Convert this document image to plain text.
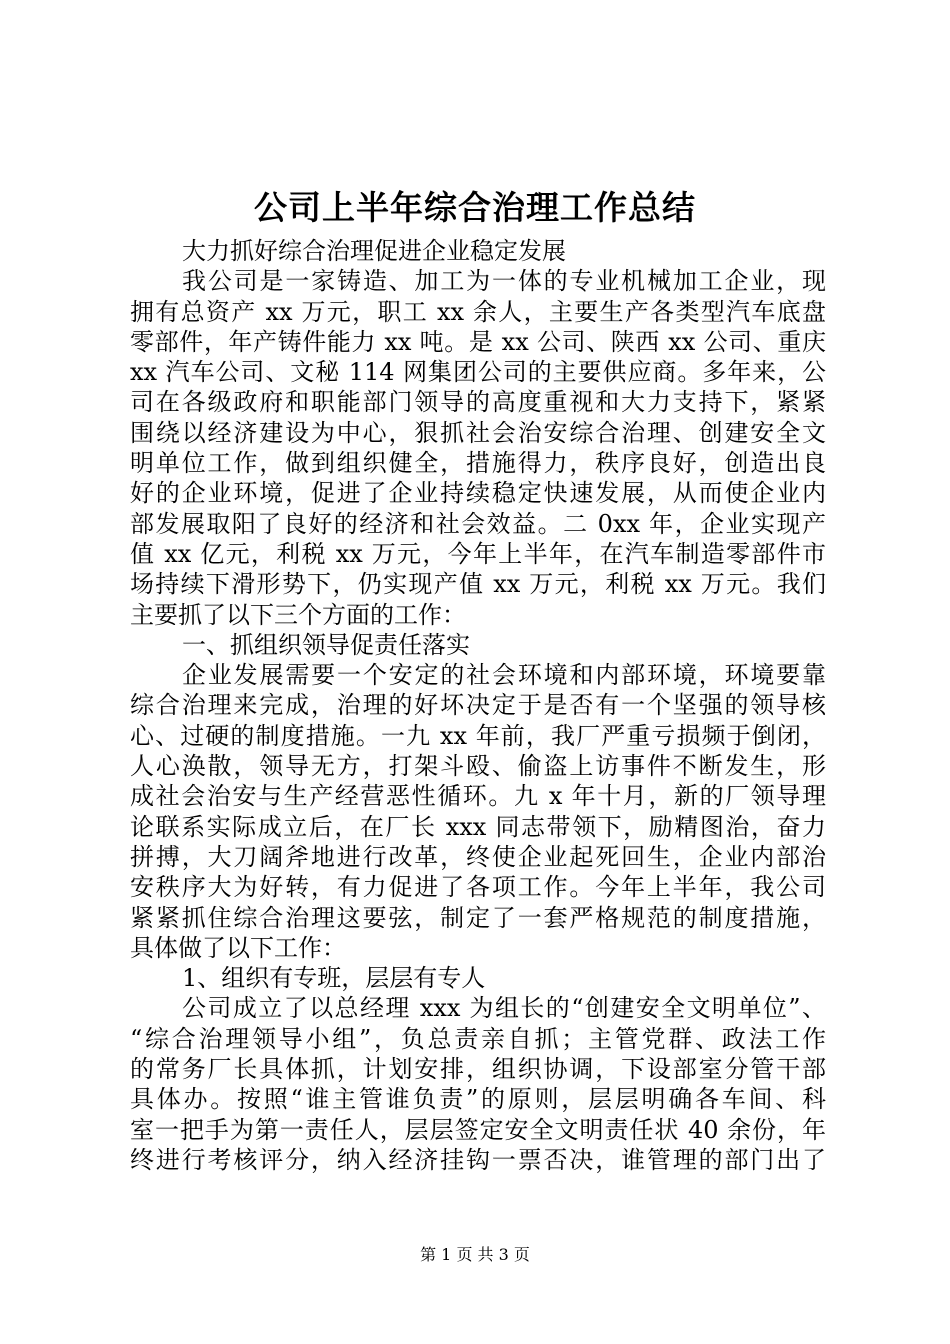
公司上半年综合治理工作总结
大力抓好综合治理促进企业稳定发展
我公司是一家铸造、加工为一体的专业机械加工企业，现
拥有总资产 xx 万元，职工 xx 余人，主要生产各类型汽车底盘
零部件，年产铸件能力 xx 吨。是 xx 公司、陕西 xx 公司、重庆
xx 汽车公司、文秘 114 网集团公司的主要供应商。多年来，公
司在各级政府和职能部门领导的高度重视和大力支持下，紧紧
围绕以经济建设为中心，狠抓社会治安综合治理、创建安全文
明单位工作，做到组织健全，措施得力，秩序良好，创造出良
好的企业环境，促进了企业持续稳定快速发展，从而使企业内
部发展取阳了良好的经济和社会效益。二 0xx 年，企业实现产
值 xx 亿元，利税 xx 万元，今年上半年，在汽车制造零部件市
场持续下滑形势下，仍实现产值 xx 万元，利税 xx 万元。我们
主要抓了以下三个方面的工作：
一、抓组织领导促责任落实
企业发展需要一个安定的社会环境和内部环境，环境要靠
综合治理来完成，治理的好坏决定于是否有一个坚强的领导核
心、过硬的制度措施。一九 xx 年前，我厂严重亏损频于倒闭，
人心涣散，领导无方，打架斗殴、偷盗上访事件不断发生，形
成社会治安与生产经营恶性循环。九 x 年十月，新的厂领导理
论联系实际成立后，在厂长 xxx 同志带领下，励精图治，奋力
拼搏，大刀阔斧地进行改革，终使企业起死回生，企业内部治
安秩序大为好转，有力促进了各项工作。今年上半年，我公司
紧紧抓住综合治理这要弦，制定了一套严格规范的制度措施，
具体做了以下工作：
1、组织有专班，层层有专人
公司成立了以总经理 xxx 为组长的“创建安全文明单位”、
“综合治理领导小组”，负总责亲自抓；主管党群、政法工作
的常务厂长具体抓，计划安排，组织协调，下设部室分管干部
具体办。按照“谁主管谁负责”的原则，层层明确各车间、科
室一把手为第一责任人，层层签定安全文明责任状 40 余份，年
终进行考核评分，纳入经济挂钩一票否决，谁管理的部门出了
第 1 页 共 3 页
